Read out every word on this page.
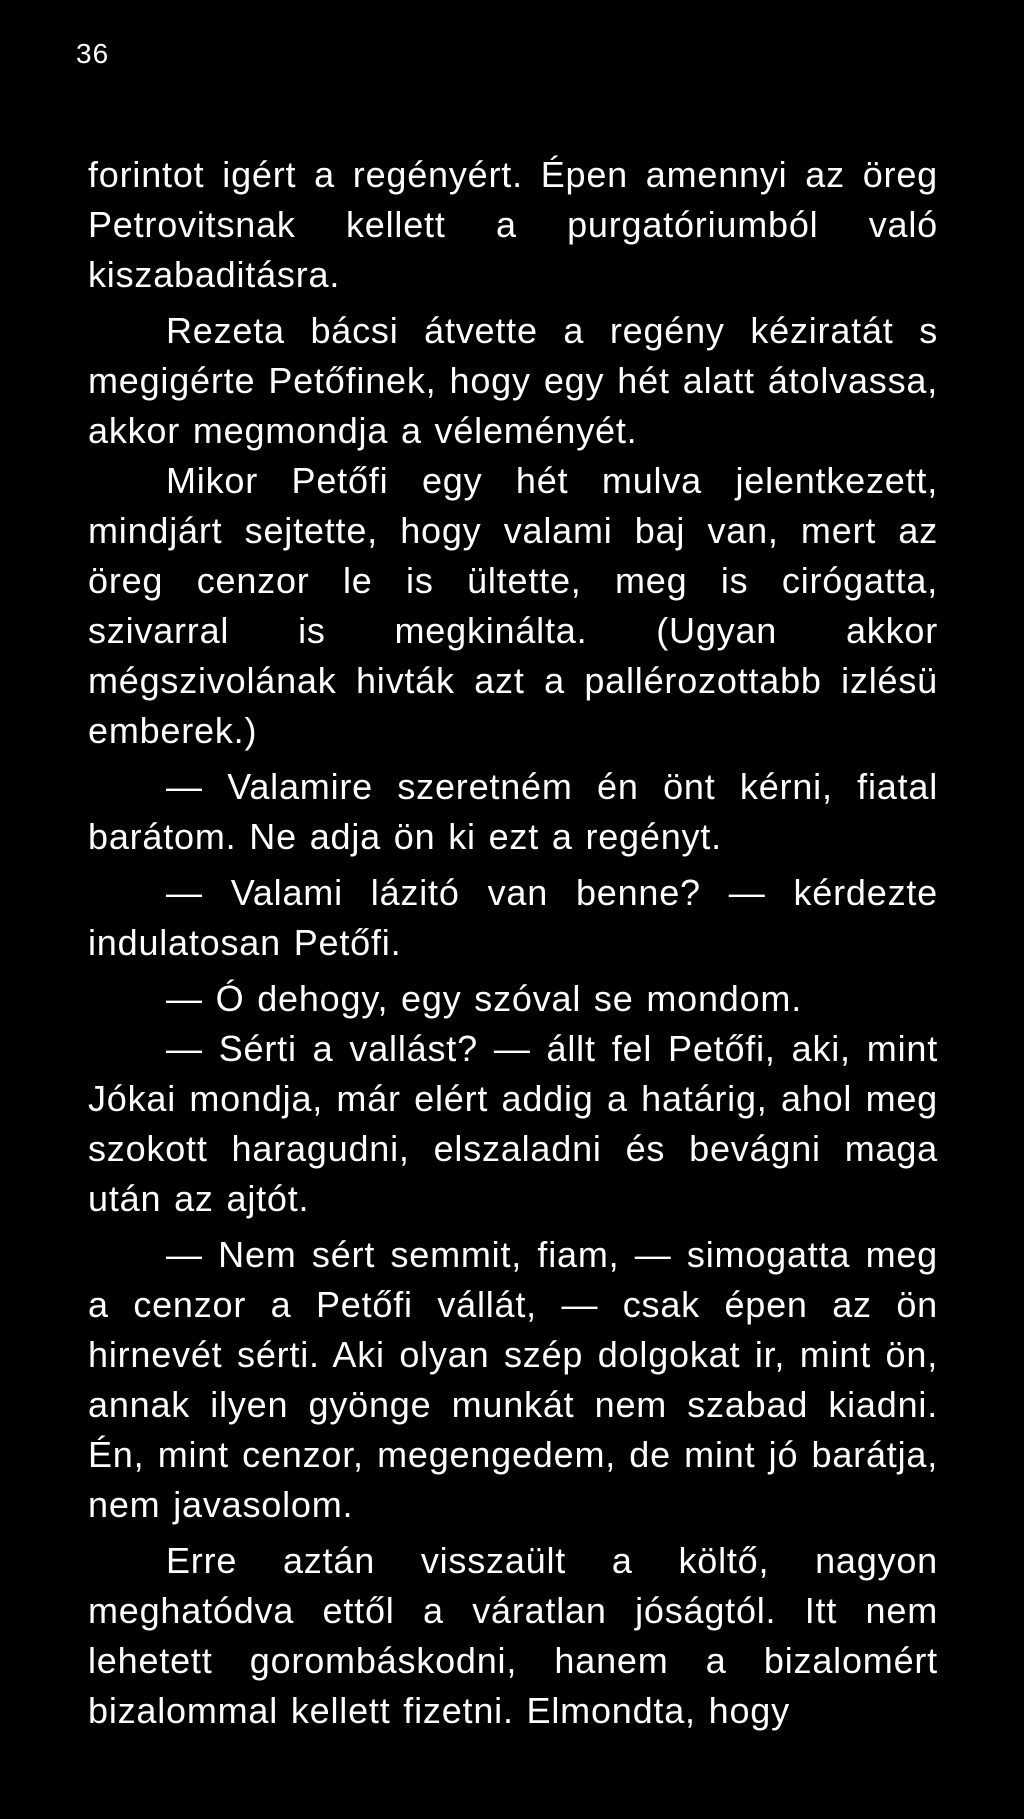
36

forintot igért a regényért. Épen amennyi az öreg Petrovitsnak kellett a purgatóriumból való kiszabaditásra.

Rezeta bácsi átvette a regény kéziratát s megigérte Petőfinek, hogy egy hét alatt átolvassa, akkor megmondja a véleményét.

Mikor Petőfi egy hét mulva jelentkezett, mindjárt sejtette, hogy valami baj van, mert az öreg cenzor le is ültette, meg is cirógatta, szivarral is megkinálta. (Ugyan akkor mégszivolának hivták azt a pallérozottabb izlésü emberek.)

— Valamire szeretném én önt kérni, fiatal barátom. Ne adja ön ki ezt a regényt.

— Valami lázitó van benne? — kérdezte indulatosan Petőfi.

— Ó dehogy, egy szóval se mondom.

— Sérti a vallást? — állt fel Petőfi, aki, mint Jókai mondja, már elért addig a határig, ahol meg szokott haragudni, elszaladni és bevágni maga után az ajtót.

— Nem sért semmit, fiam, — simogatta meg a cenzor a Petőfi vállát, — csak épen az ön hirnevét sérti. Aki olyan szép dolgokat ir, mint ön, annak ilyen gyönge munkát nem szabad kiadni. Én, mint cenzor, megengedem, de mint jó barátja, nem javasolom.

Erre aztán visszaült a költő, nagyon meghatódva ettől a váratlan jóságtól. Itt nem lehetett gorombáskodni, hanem a bizalomért bizalommal kellett fizetni. Elmondta, hogy
